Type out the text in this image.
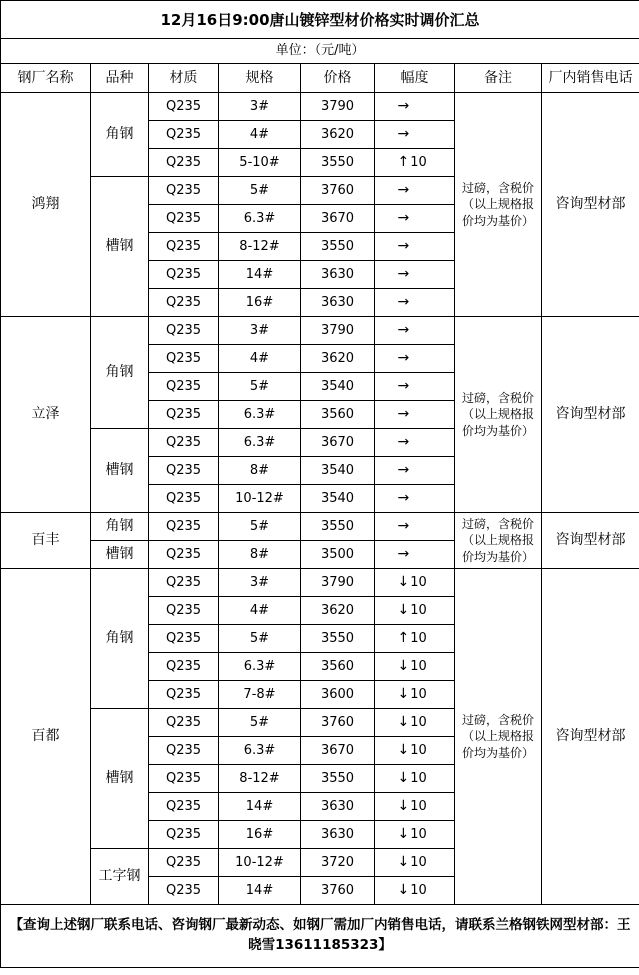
12月16日9:00唐山镀锌型材价格实时调价汇总							
单位：（元/吨）							
钢厂名称	品种	材质	规格	价格	幅度	备注	厂内销售电话
鸿翔	角钢	Q235	3#	3790	→	过磅，含税价（以上规格报价均为基价）	咨询型材部
		Q235	4#	3620	→		
		Q235	5-10#	3550	↑10		
	槽钢	Q235	5#	3760	→		
		Q235	6.3#	3670	→		
		Q235	8-12#	3550	→		
		Q235	14#	3630	→		
		Q235	16#	3630	→		
立泽	角钢	Q235	3#	3790	→	过磅，含税价（以上规格报价均为基价）	咨询型材部
		Q235	4#	3620	→		
		Q235	5#	3540	→		
		Q235	6.3#	3560	→		
	槽钢	Q235	6.3#	3670	→		
		Q235	8#	3540	→		
		Q235	10-12#	3540	→		
百丰	角钢	Q235	5#	3550	→	过磅，含税价（以上规格报价均为基价）	咨询型材部
	槽钢	Q235	8#	3500	→		
百都	角钢	Q235	3#	3790	↓10	过磅，含税价（以上规格报价均为基价）	咨询型材部
		Q235	4#	3620	↓10		
		Q235	5#	3550	↑10		
		Q235	6.3#	3560	↓10		
		Q235	7-8#	3600	↓10		
	槽钢	Q235	5#	3760	↓10		
		Q235	6.3#	3670	↓10		
		Q235	8-12#	3550	↓10		
		Q235	14#	3630	↓10		
		Q235	16#	3630	↓10		
	工字钢	Q235	10-12#	3720	↓10		
		Q235	14#	3760	↓10		
【查询上述钢厂联系电话、咨询钢厂最新动态、如钢厂需加厂内销售电话，请联系兰格钢铁网型材部：王晓雪13611185323】							
